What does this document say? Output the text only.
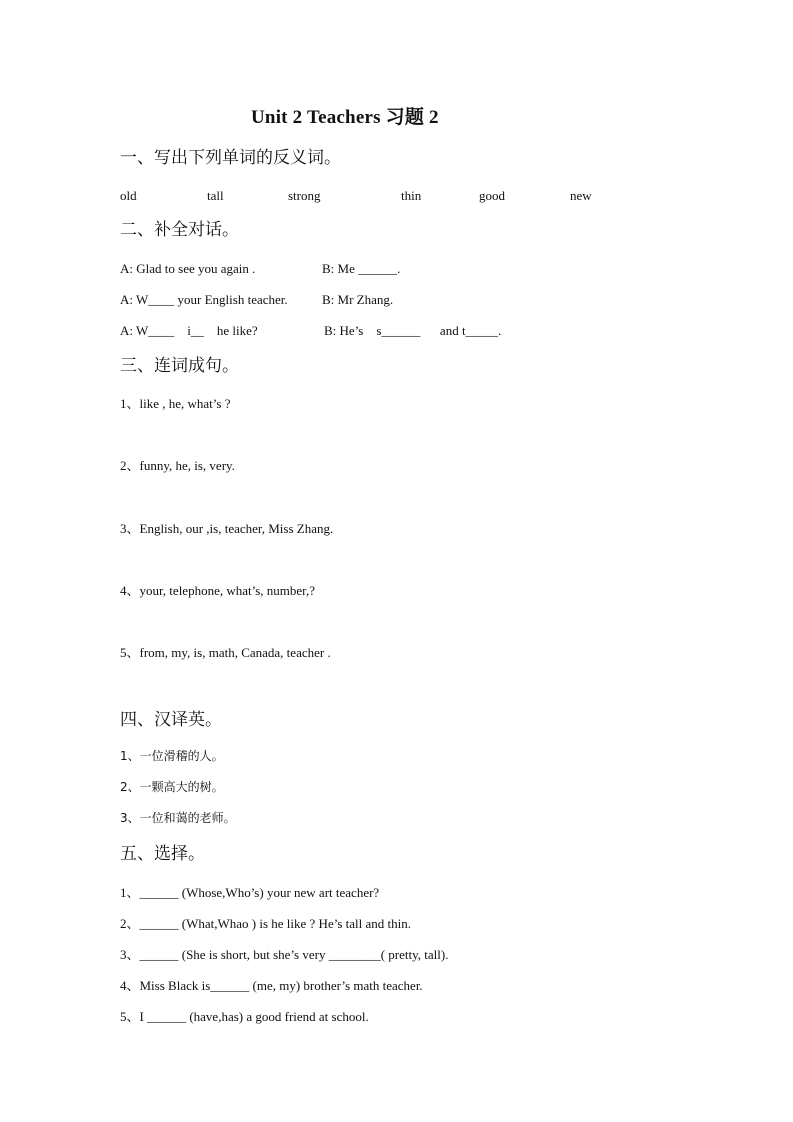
Unit 2 Teachers 习题 2
一、写出下列单词的反义词。
old	tall	strong	thin	good	new
二、补全对话。
A: Glad to see you again .	B: Me ______.
A: W____ your English teacher.	B: Mr Zhang.
A: W____    i__    he like?	B: He’s    s______      and t_____.
三、连词成句。
1、like , he, what’s ?
2、funny, he, is, very.
3、English, our ,is, teacher, Miss Zhang.
4、your, telephone, what’s, number,?
5、from, my, is, math, Canada, teacher .
四、汉译英。
1、一位滑稽的人。
2、一颗高大的树。
3、一位和蔼的老师。
五、选择。
1、______ (Whose,Who’s) your new art teacher?
2、______ (What,Whao ) is he like ? He’s tall and thin.
3、______ (She is short, but she’s very ________( pretty, tall).
4、Miss Black is______ (me, my) brother’s math teacher.
5、I ______ (have,has) a good friend at school.
